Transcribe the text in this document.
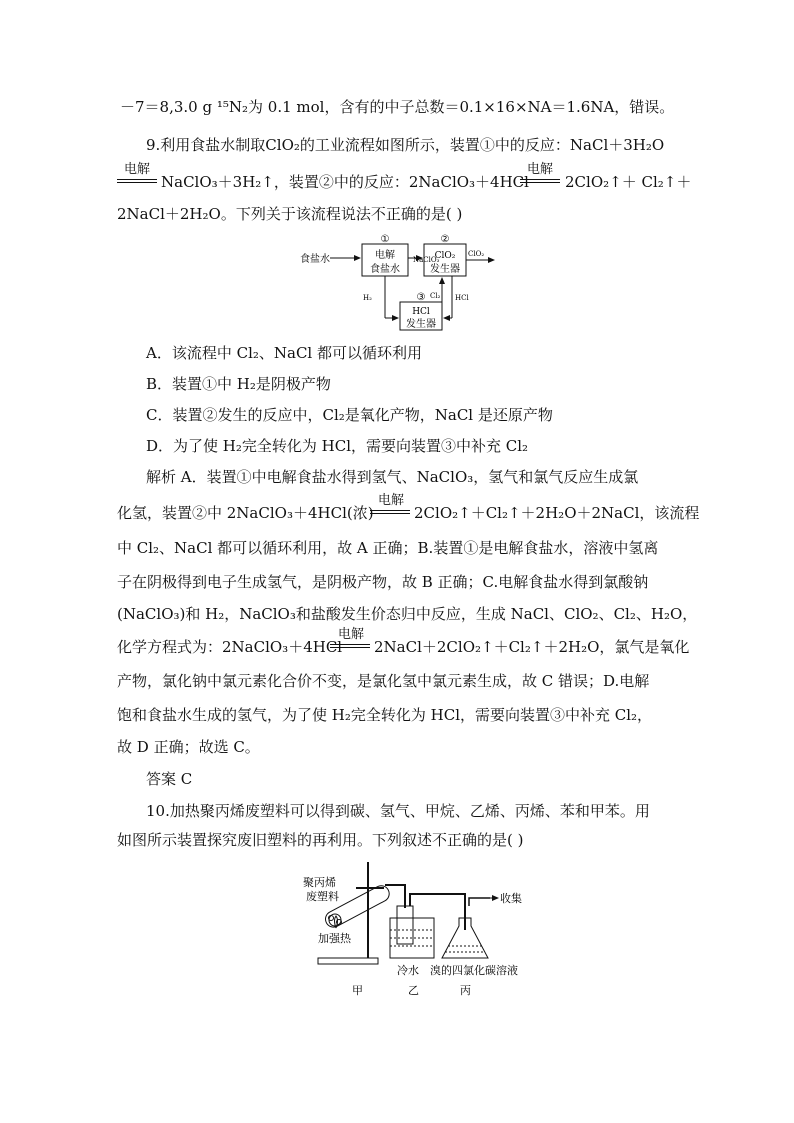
－7＝8,3.0 g ¹⁵N₂为 0.1 mol，含有的中子总数＝0.1×16×NA＝1.6NA，错误。
9.利用食盐水制取ClO₂的工业流程如图所示，装置①中的反应：NaCl＋3H₂O
电解
NaClO₃＋3H₂↑，装置②中的反应：2NaClO₃＋4HCl
电解
2ClO₂↑＋ Cl₂↑＋
2NaCl＋2H₂O。下列关于该流程说法不正确的是( )
食盐水
①
电解
食盐水
NaClO₃
②
ClO₂
发生器
ClO₂
H₂	③
HCl
发生器
Cl₂ HCl
A．该流程中 Cl₂、NaCl 都可以循环利用
B．装置①中 H₂是阴极产物
C．装置②发生的反应中，Cl₂是氧化产物，NaCl 是还原产物
D．为了使 H₂完全转化为 HCl，需要向装置③中补充 Cl₂
解析 A．装置①中电解食盐水得到氢气、NaClO₃，氢气和氯气反应生成氯
化氢，装置②中 2NaClO₃＋4HCl(浓)
电解
2ClO₂↑＋Cl₂↑＋2H₂O＋2NaCl，该流程
中 Cl₂、NaCl 都可以循环利用，故 A 正确；B.装置①是电解食盐水，溶液中氢离
子在阴极得到电子生成氢气，是阴极产物，故 B 正确；C.电解食盐水得到氯酸钠
(NaClO₃)和 H₂，NaClO₃和盐酸发生价态归中反应，生成 NaCl、ClO₂、Cl₂、H₂O，
化学方程式为：2NaClO₃＋4HCl
电解
2NaCl＋2ClO₂↑＋Cl₂↑＋2H₂O，氯气是氧化
产物，氯化钠中氯元素化合价不变，是氯化氢中氯元素生成，故 C 错误；D.电解
饱和食盐水生成的氢气，为了使 H₂完全转化为 HCl，需要向装置③中补充 Cl₂，
故 D 正确；故选 C。
答案 C
10.加热聚丙烯废塑料可以得到碳、氢气、甲烷、乙烯、丙烯、苯和甲苯。用
如图所示装置探究废旧塑料的再利用。下列叙述不正确的是( )
聚丙烯
废塑料
加强热
收集
冷水 溴的四氯化碳溶液
甲	乙	丙
